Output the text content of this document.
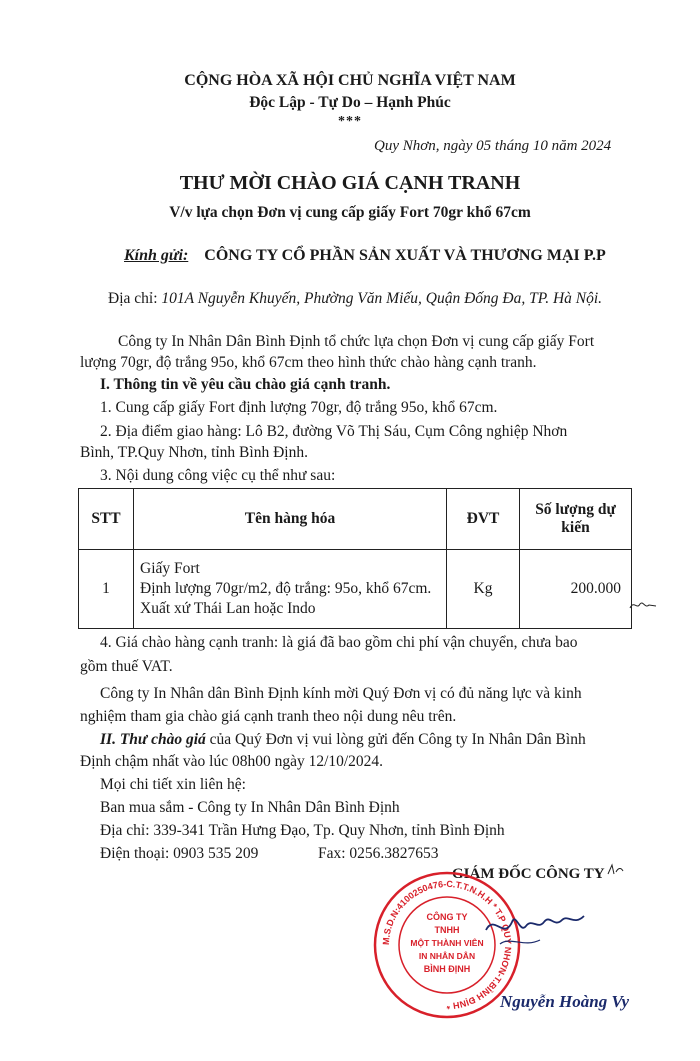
CỘNG HÒA XÃ HỘI CHỦ NGHĨA VIỆT NAM
Độc Lập - Tự Do – Hạnh Phúc
***
Quy Nhơn, ngày 05 tháng 10 năm 2024
THƯ MỜI CHÀO GIÁ CẠNH TRANH
V/v lựa chọn Đơn vị cung cấp giấy Fort 70gr khổ 67cm
Kính gửi: CÔNG TY CỔ PHẦN SẢN XUẤT VÀ THƯƠNG MẠI P.P
Địa chỉ: 101A Nguyễn Khuyến, Phường Văn Miếu, Quận Đống Đa, TP. Hà Nội.
Công ty In Nhân Dân Bình Định tổ chức lựa chọn Đơn vị cung cấp giấy Fort
lượng 70gr, độ trắng 95o, khổ 67cm theo hình thức chào hàng cạnh tranh.
I. Thông tin về yêu cầu chào giá cạnh tranh.
1. Cung cấp giấy Fort định lượng 70gr, độ trắng 95o, khổ 67cm.
2. Địa điểm giao hàng: Lô B2, đường Võ Thị Sáu, Cụm Công nghiệp Nhơn
Bình, TP.Quy Nhơn, tỉnh Bình Định.
3. Nội dung công việc cụ thể như sau:
STT	Tên hàng hóa	ĐVT	Số lượng dự kiến
1	Giấy Fort
Định lượng 70gr/m2, độ trắng: 95o, khổ 67cm.
Xuất xứ Thái Lan hoặc Indo	Kg	200.000
4. Giá chào hàng cạnh tranh: là giá đã bao gồm chi phí vận chuyển, chưa bao
gồm thuế VAT.
Công ty In Nhân dân Bình Định kính mời Quý Đơn vị có đủ năng lực và kinh
nghiệm tham gia chào giá cạnh tranh theo nội dung nêu trên.
II. Thư chào giá của Quý Đơn vị vui lòng gửi đến Công ty In Nhân Dân Bình
Định chậm nhất vào lúc 08h00 ngày 12/10/2024.
Mọi chi tiết xin liên hệ:
Ban mua sắm - Công ty In Nhân Dân Bình Định
Địa chỉ: 339-341 Trần Hưng Đạo, Tp. Quy Nhơn, tỉnh Bình Định
Điện thoại: 0903 535 209	Fax: 0256.3827653
GIÁM ĐỐC CÔNG TY
M.S.D.N:4100250476-C.T.T.N.H.H * T.P QUY NHƠN-T.BÌNH ĐỊNH *
CÔNG TY
TNHH
MỘT THÀNH VIÊN
IN NHÂN DÂN
BÌNH ĐỊNH
Nguyễn Hoàng Vy
